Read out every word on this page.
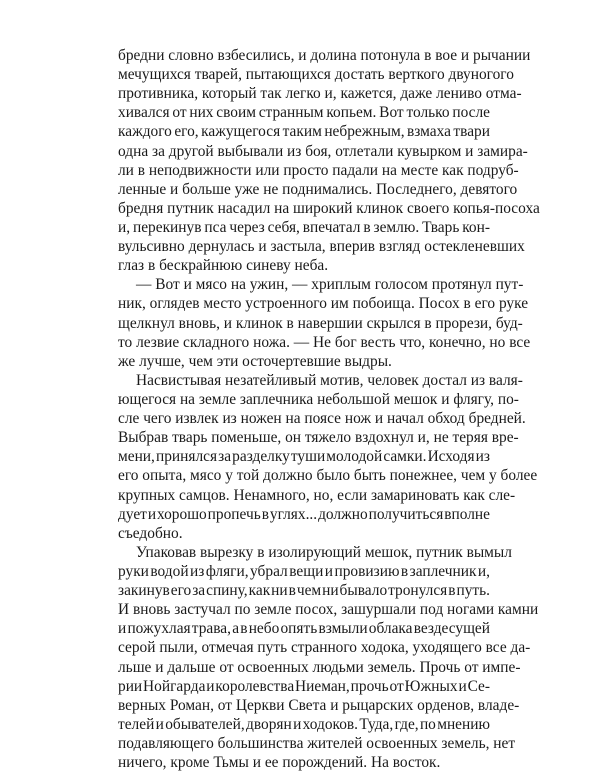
бредни словно взбесились, и долина потонула в вое и рычании
мечущихся тварей, пытающихся достать верткого двуногого
противника, который так легко и, кажется, даже лениво отма-
хивался от них своим странным копьем. Вот только после
каждого его, кажущегося таким небрежным, взмаха твари
одна за другой выбывали из боя, отлетали кувырком и замира-
ли в неподвижности или просто падали на месте как подруб-
ленные и больше уже не поднимались. Последнего, девятого
бредня путник насадил на широкий клинок своего копья-посоха
и, перекинув пса через себя, впечатал в землю. Тварь кон-
вульсивно дернулась и застыла, вперив взгляд остекленевших
глаз в бескрайнюю синеву неба.
— Вот и мясо на ужин, — хриплым голосом протянул пут-
ник, оглядев место устроенного им побоища. Посох в его руке
щелкнул вновь, и клинок в навершии скрылся в прорези, буд-
то лезвие складного ножа. — Не бог весть что, конечно, но все
же лучше, чем эти осточертевшие выдры.
Насвистывая незатейливый мотив, человек достал из валя-
ющегося на земле заплечника небольшой мешок и флягу, по-
сле чего извлек из ножен на поясе нож и начал обход бредней.
Выбрав тварь поменьше, он тяжело вздохнул и, не теряя вре-
мени, принялся за разделку туши молодой самки. Исходя из
его опыта, мясо у той должно было быть понежнее, чем у более
крупных самцов. Ненамного, но, если замариновать как сле-
дует и хорошо пропечь в углях... должно получиться вполне
съедобно.
Упаковав вырезку в изолирующий мешок, путник вымыл
руки водой из фляги, убрал вещи и провизию в заплечник и,
закинув его за спину, как ни в чем ни бывало тронулся в путь.
И вновь застучал по земле посох, зашуршали под ногами камни
и пожухлая трава, а в небо опять взмыли облака вездесущей
серой пыли, отмечая путь странного ходока, уходящего все да-
льше и дальше от освоенных людьми земель. Прочь от импе-
рии Нойгарда и королевства Ниеман, прочь от Южных и Се-
верных Роман, от Церкви Света и рыцарских орденов, владе-
телей и обывателей, дворян и ходоков. Туда, где, по мнению
подавляющего большинства жителей освоенных земель, нет
ничего, кроме Тьмы и ее порождений. На восток.
